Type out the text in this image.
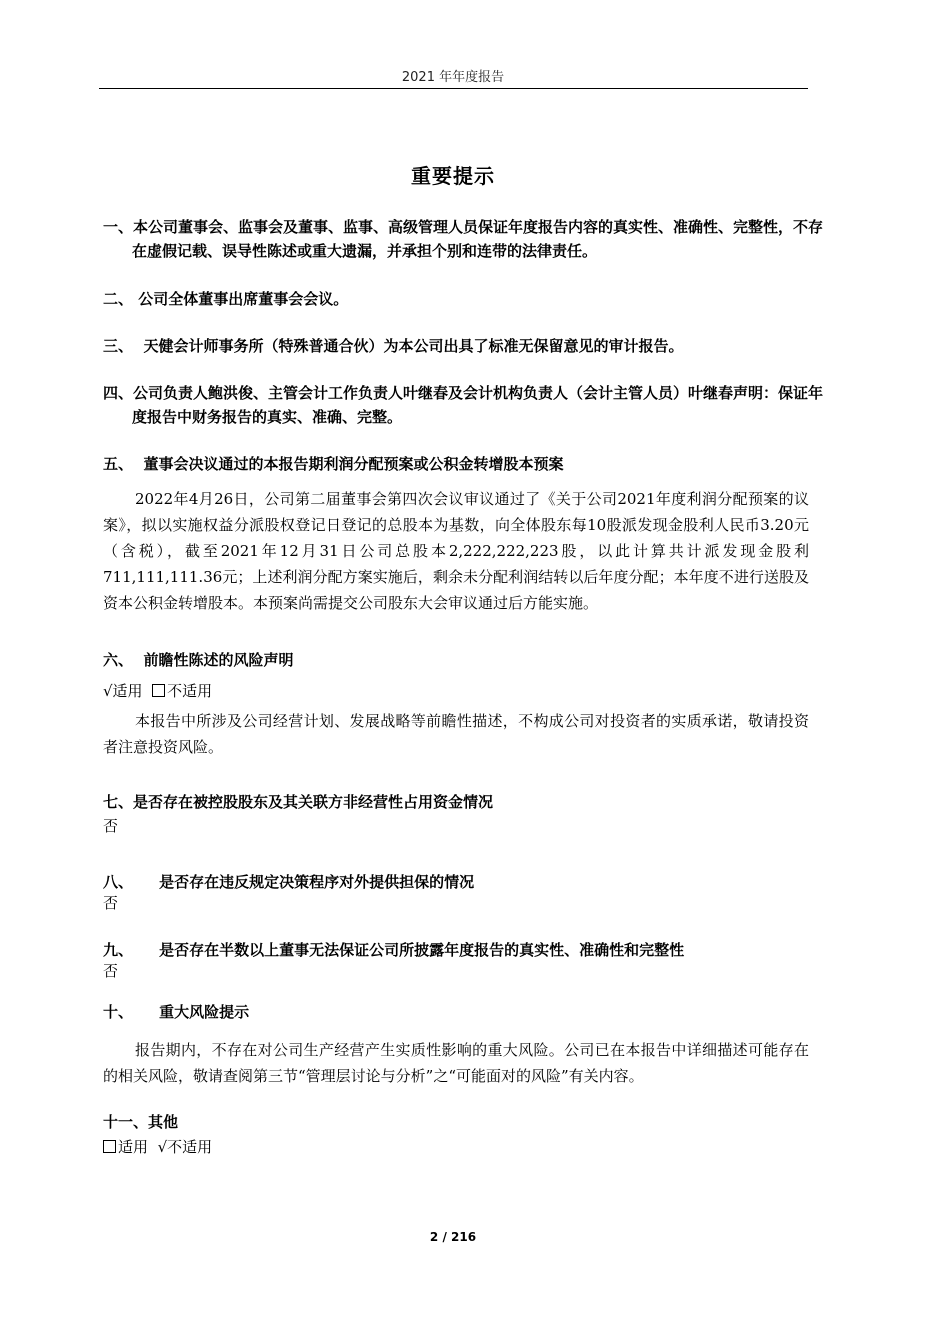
2021 年年度报告
重要提示
一、本公司董事会、监事会及董事、监事、高级管理人员保证年度报告内容的真实性、准确性、完整性，不存在虚假记载、误导性陈述或重大遗漏，并承担个别和连带的法律责任。
二、 公司全体董事出席董事会会议。
三、 天健会计师事务所（特殊普通合伙）为本公司出具了标准无保留意见的审计报告。
四、公司负责人鲍洪俊、主管会计工作负责人叶继春及会计机构负责人（会计主管人员）叶继春声明：保证年度报告中财务报告的真实、准确、完整。
五、 董事会决议通过的本报告期利润分配预案或公积金转增股本预案
2022年4月26日，公司第二届董事会第四次会议审议通过了《关于公司2021年度利润分配预案的议案》，拟以实施权益分派股权登记日登记的总股本为基数，向全体股东每10股派发现金股利人民币3.20元（含税），截至2021年12月31日公司总股本2,222,222,223股，以此计算共计派发现金股利711,111,111.36元；上述利润分配方案实施后，剩余未分配利润结转以后年度分配；本年度不进行送股及资本公积金转增股本。本预案尚需提交公司股东大会审议通过后方能实施。
六、 前瞻性陈述的风险声明
√适用 不适用
本报告中所涉及公司经营计划、发展战略等前瞻性描述，不构成公司对投资者的实质承诺，敬请投资者注意投资风险。
七、是否存在被控股股东及其关联方非经营性占用资金情况
否
八、 是否存在违反规定决策程序对外提供担保的情况
否
九、 是否存在半数以上董事无法保证公司所披露年度报告的真实性、准确性和完整性
否
十、 重大风险提示
报告期内，不存在对公司生产经营产生实质性影响的重大风险。公司已在本报告中详细描述可能存在的相关风险，敬请查阅第三节“管理层讨论与分析”之“可能面对的风险”有关内容。
十一、其他
适用 √不适用
2 / 216
